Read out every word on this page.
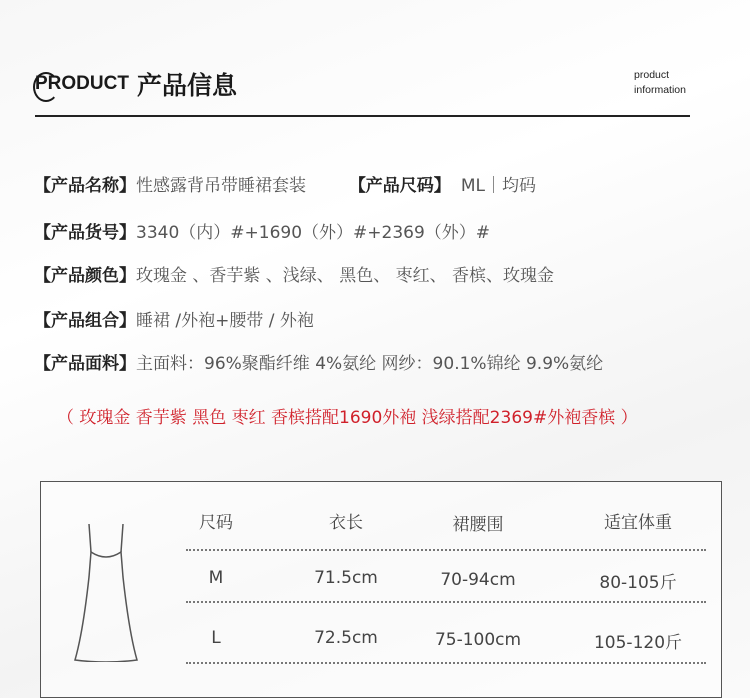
PRODUCT 产品信息	product
information
【产品名称】性感露背吊带睡裙套装	【产品尺码】 ML｜均码
【产品货号】3340（内）#+1690（外）#+2369（外）#
【产品颜色】玫瑰金 、香芋紫 、浅绿、 黑色、 枣红、 香槟、玫瑰金
【产品组合】睡裙 /外袍+腰带 / 外袍
【产品面料】主面料：96%聚酯纤维 4%氨纶 网纱：90.1%锦纶 9.9%氨纶
（ 玫瑰金 香芋紫 黑色 枣红 香槟搭配1690外袍 浅绿搭配2369#外袍香槟 ）
尺码	衣长	裙腰围	适宜体重
M	71.5cm	70-94cm	80-105斤
L	72.5cm	75-100cm	105-120斤
